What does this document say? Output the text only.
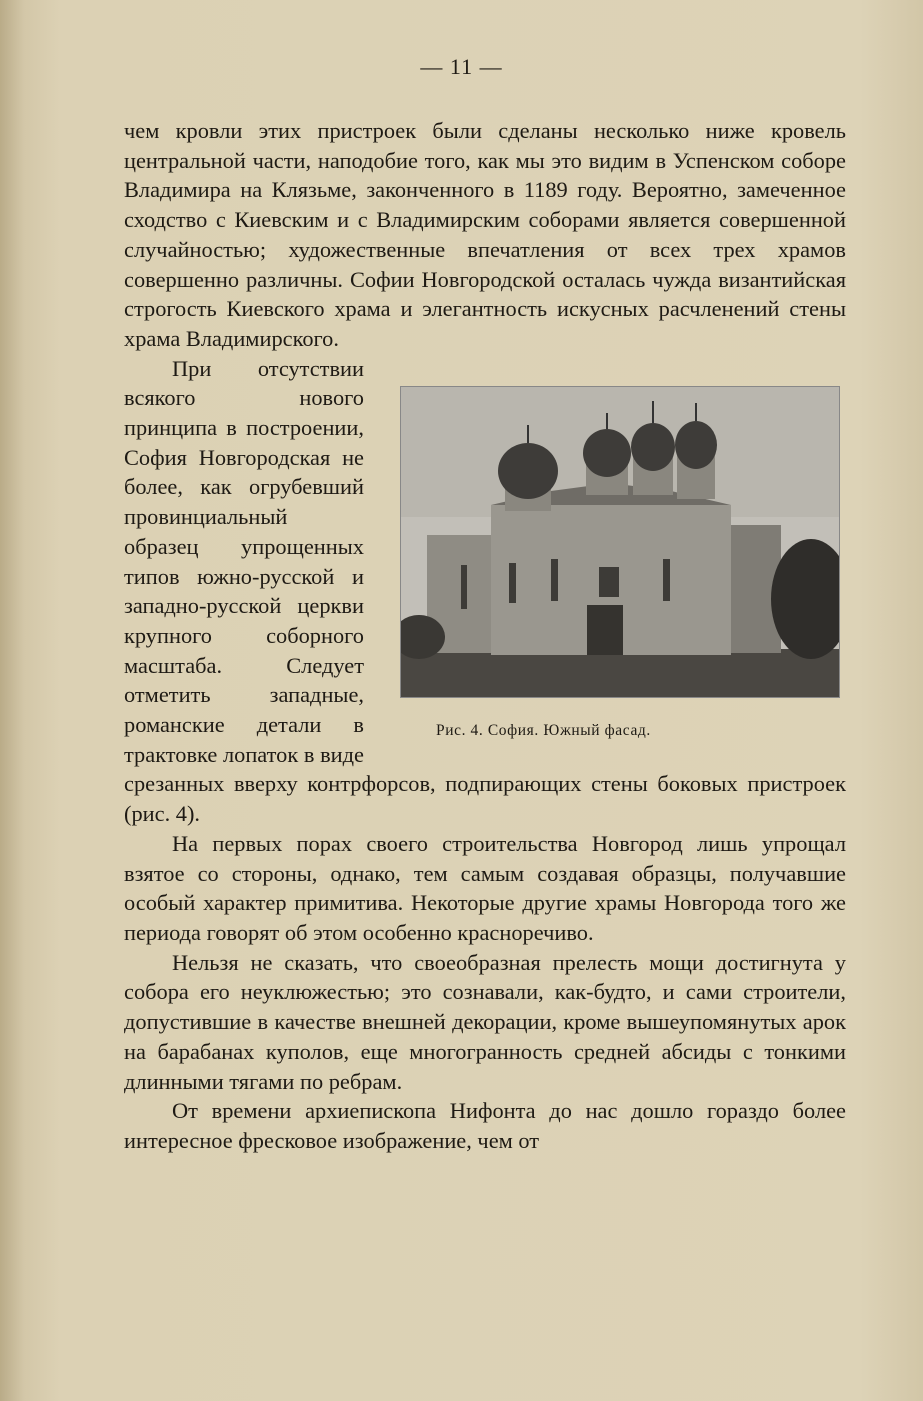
— 11 —

чем кровли этих пристроек были сделаны несколько ниже кровель центральной части, наподобие того, как мы это видим в Успенском соборе Владимира на Клязьме, законченного в 1189 году. Вероятно, замеченное сходство с Киевским и с Владимирским соборами является совершенной случайностью; художественные впечатления от всех трех храмов совершенно различны. Софии Новгородской осталась чужда византийская строгость Киевского храма и элегантность искусных расчленений стены храма Владимирского.

Рис. 4. София. Южный фасад.

При отсутствии всякого нового принципа в построении, София Новгородская не более, как огрубевший провинциальный образец упрощенных типов южно-русской и западно-русской церкви крупного соборного масштаба. Следует отметить западные, романские детали в трактовке лопаток в виде срезанных вверху контрфорсов, подпирающих стены боковых пристроек (рис. 4).

На первых порах своего строительства Новгород лишь упрощал взятое со стороны, однако, тем самым создавая образцы, получавшие особый характер примитива. Некоторые другие храмы Новгорода того же периода говорят об этом особенно красноречиво.

Нельзя не сказать, что своеобразная прелесть мощи достигнута у собора его неуклюжестью; это сознавали, как-будто, и сами строители, допустившие в качестве внешней декорации, кроме вышеупомянутых арок на барабанах куполов, еще многогранность средней абсиды с тонкими длинными тягами по ребрам.

От времени архиепископа Нифонта до нас дошло гораздо более интересное фресковое изображение, чем от
